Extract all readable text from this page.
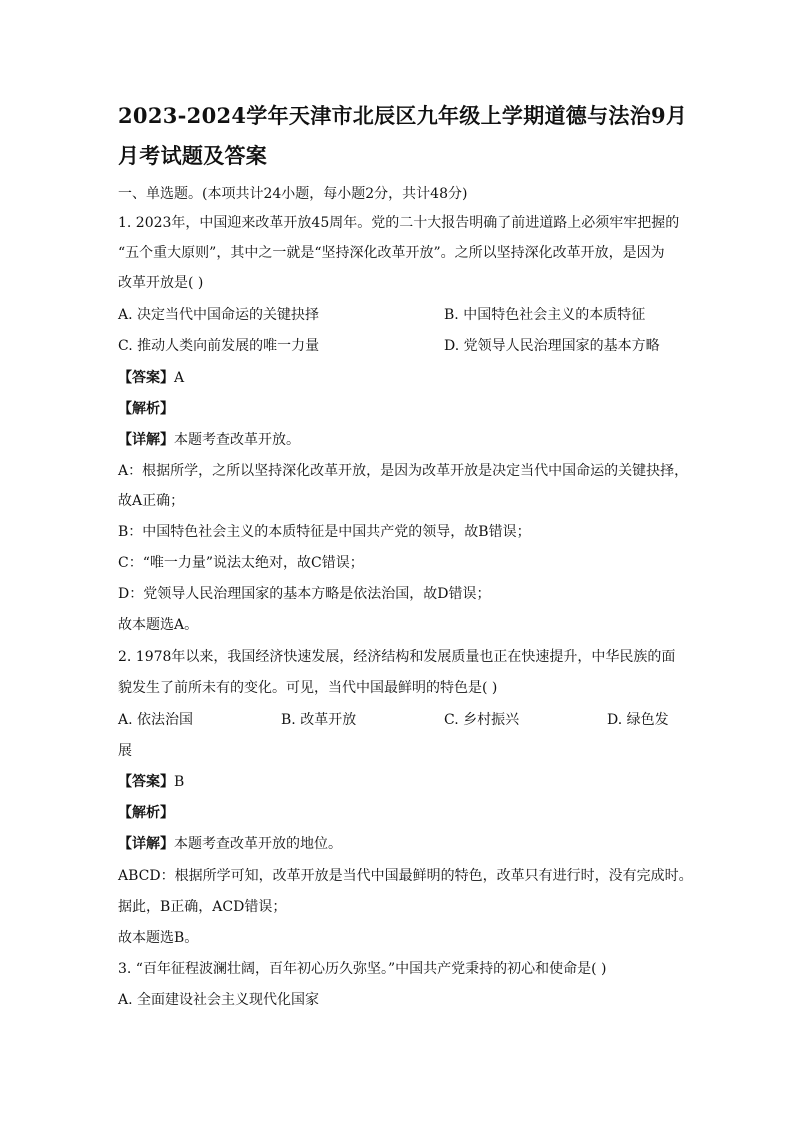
2023-2024学年天津市北辰区九年级上学期道德与法治9月
月考试题及答案
一、单选题。(本项共计24小题，每小题2分，共计48分)
1. 2023年，中国迎来改革开放45周年。党的二十大报告明确了前进道路上必须牢牢把握的
“五个重大原则”，其中之一就是“坚持深化改革开放”。之所以坚持深化改革开放，是因为
改革开放是( )
A. 决定当代中国命运的关键抉择	B. 中国特色社会主义的本质特征
C. 推动人类向前发展的唯一力量	D. 党领导人民治理国家的基本方略
【答案】A
【解析】
【详解】本题考查改革开放。
A：根据所学，之所以坚持深化改革开放，是因为改革开放是决定当代中国命运的关键抉择，
故A正确；
B：中国特色社会主义的本质特征是中国共产党的领导，故B错误；
C：“唯一力量”说法太绝对，故C错误；
D：党领导人民治理国家的基本方略是依法治国，故D错误；
故本题选A。
2. 1978年以来，我国经济快速发展，经济结构和发展质量也正在快速提升，中华民族的面
貌发生了前所未有的变化。可见，当代中国最鲜明的特色是( )
A. 依法治国	B. 改革开放	C. 乡村振兴	D. 绿色发
展
【答案】B
【解析】
【详解】本题考查改革开放的地位。
ABCD：根据所学可知，改革开放是当代中国最鲜明的特色，改革只有进行时，没有完成时。
据此，B正确，ACD错误；
故本题选B。
3. “百年征程波澜壮阔，百年初心历久弥坚。”中国共产党秉持的初心和使命是( )
A. 全面建设社会主义现代化国家
